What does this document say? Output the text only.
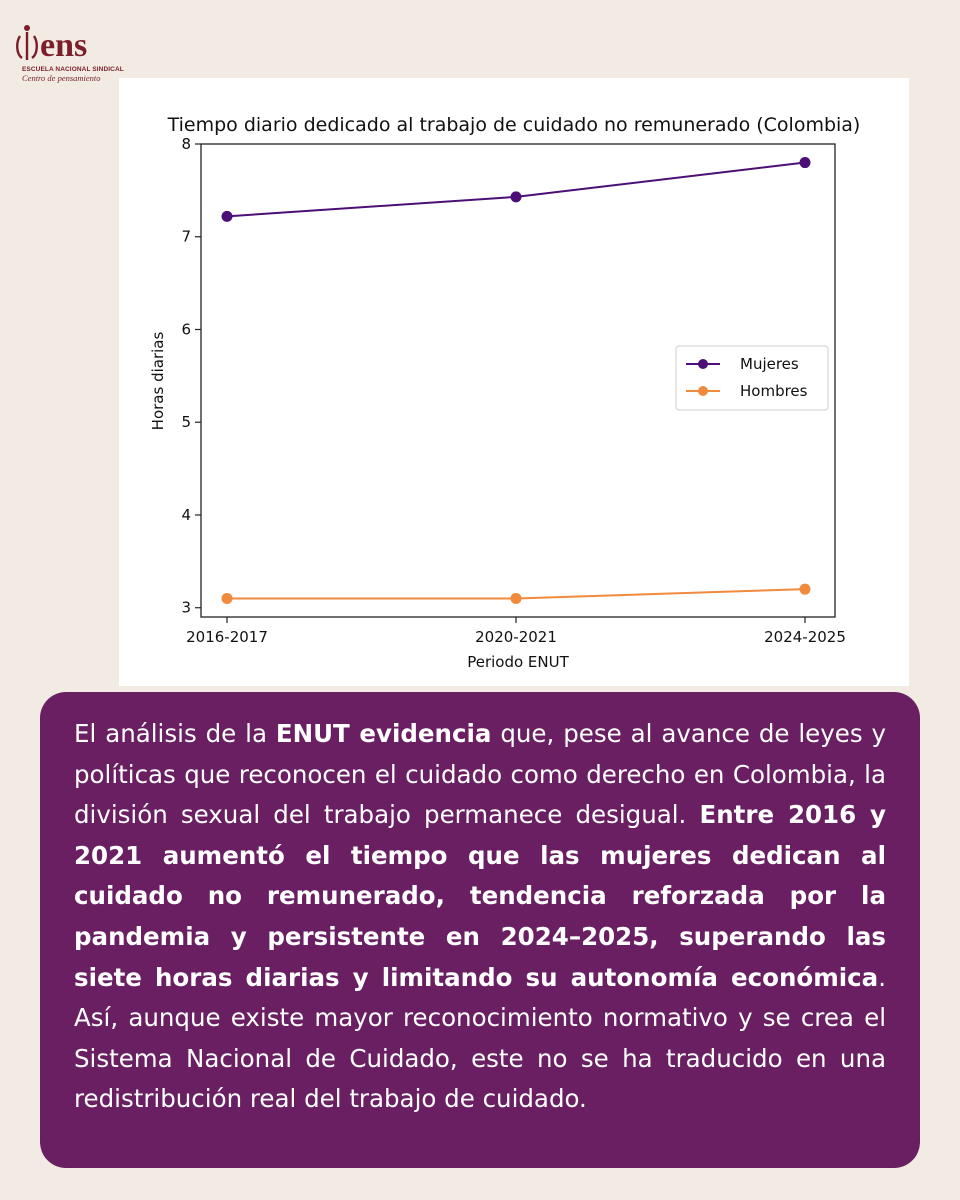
ens
ESCUELA NACIONAL SINDICAL
Centro de pensamiento
Tiempo diario dedicado al trabajo de cuidado no remunerado (Colombia)
3
4
5
6
7
8
2016-2017	2020-2021	2024-2025
Periodo ENUT
Horas diarias	Mujeres
Hombres

El análisis de la ENUT evidencia que, pese al avance de leyes y políticas que reconocen el cuidado como derecho en Colombia, la división sexual del trabajo permanece desigual. Entre 2016 y 2021 aumentó el tiempo que las mujeres dedican al cuidado no remunerado, tendencia reforzada por la pandemia y persistente en 2024–2025, superando las siete horas diarias y limitando su autonomía económica. Así, aunque existe mayor reconocimiento normativo y se crea el Sistema Nacional de Cuidado, este no se ha traducido en una redistribución real del trabajo de cuidado.
